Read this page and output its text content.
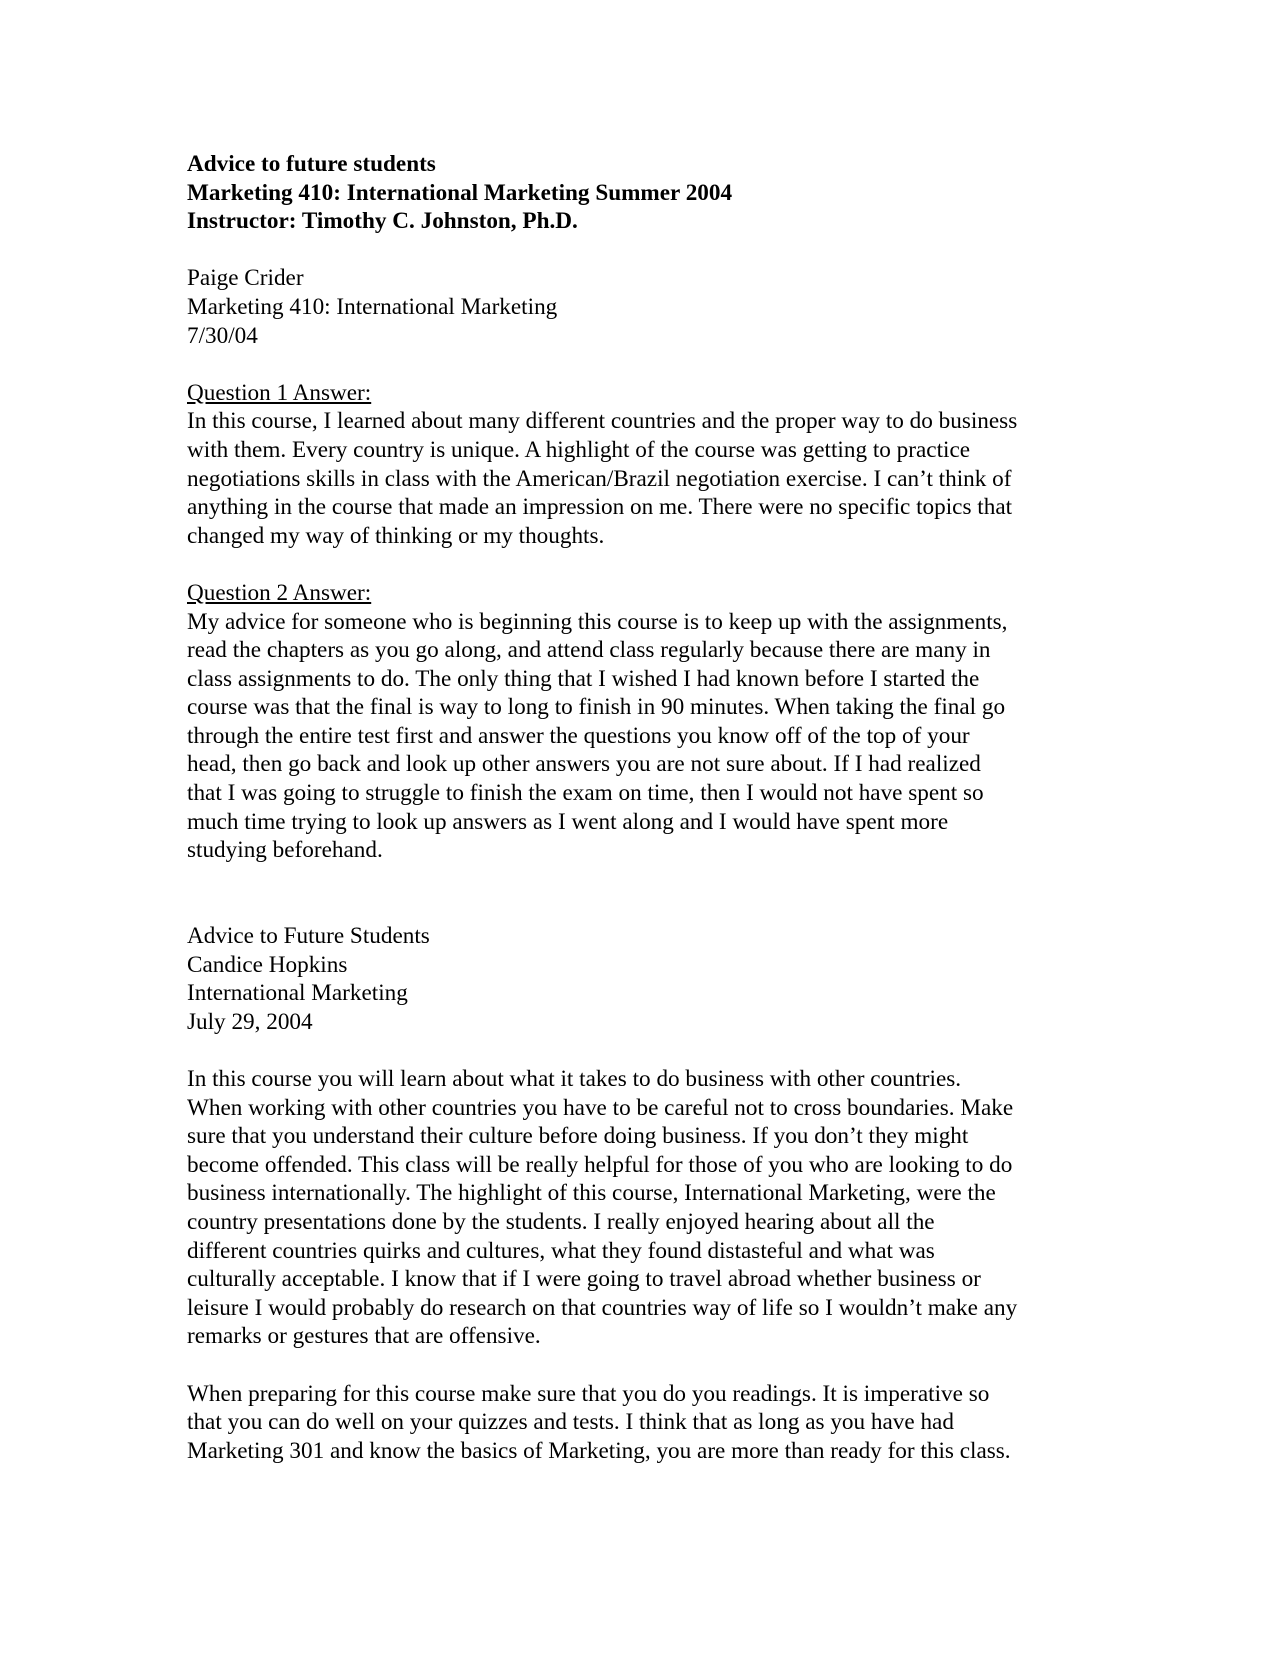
Advice to future students
Marketing 410: International Marketing Summer 2004
Instructor: Timothy C. Johnston, Ph.D.
Paige Crider
Marketing 410: International Marketing
7/30/04
Question 1 Answer:
In this course, I learned about many different countries and the proper way to do business
with them. Every country is unique. A highlight of the course was getting to practice
negotiations skills in class with the American/Brazil negotiation exercise. I can’t think of
anything in the course that made an impression on me. There were no specific topics that
changed my way of thinking or my thoughts.
Question 2 Answer:
My advice for someone who is beginning this course is to keep up with the assignments,
read the chapters as you go along, and attend class regularly because there are many in
class assignments to do. The only thing that I wished I had known before I started the
course was that the final is way to long to finish in 90 minutes. When taking the final go
through the entire test first and answer the questions you know off of the top of your
head, then go back and look up other answers you are not sure about. If I had realized
that I was going to struggle to finish the exam on time, then I would not have spent so
much time trying to look up answers as I went along and I would have spent more
studying beforehand.
Advice to Future Students
Candice Hopkins
International Marketing
July 29, 2004
In this course you will learn about what it takes to do business with other countries.
When working with other countries you have to be careful not to cross boundaries. Make
sure that you understand their culture before doing business. If you don’t they might
become offended. This class will be really helpful for those of you who are looking to do
business internationally. The highlight of this course, International Marketing, were the
country presentations done by the students. I really enjoyed hearing about all the
different countries quirks and cultures, what they found distasteful and what was
culturally acceptable. I know that if I were going to travel abroad whether business or
leisure I would probably do research on that countries way of life so I wouldn’t make any
remarks or gestures that are offensive.
When preparing for this course make sure that you do you readings. It is imperative so
that you can do well on your quizzes and tests. I think that as long as you have had
Marketing 301 and know the basics of Marketing, you are more than ready for this class.
